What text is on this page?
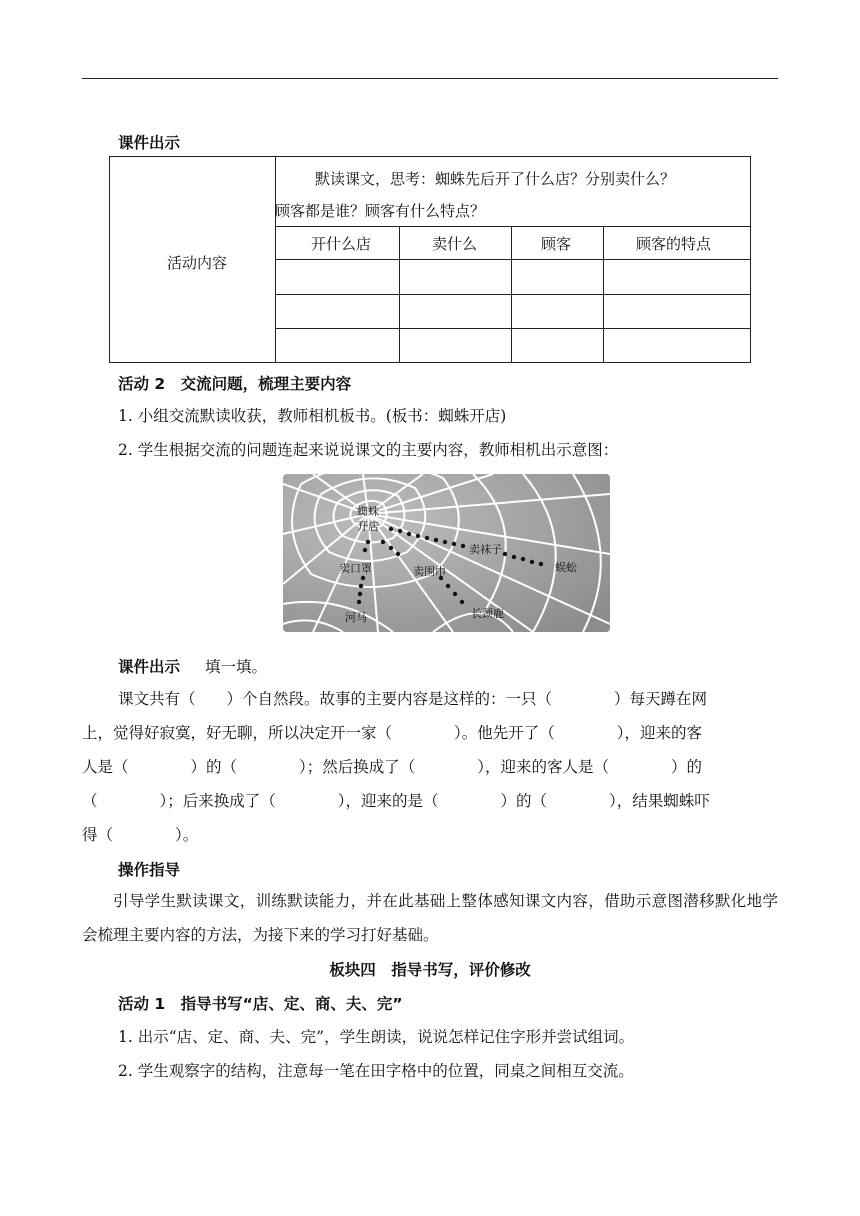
课件出示
活动内容
默读课文，思考：蜘蛛先后开了什么店？分别卖什么？
顾客都是谁？顾客有什么特点？
开什么店	卖什么	顾客	顾客的特点
活动 2　交流问题，梳理主要内容
1. 小组交流默读收获，教师相机板书。(板书：蜘蛛开店)
2. 学生根据交流的问题连起来说说课文的主要内容，教师相机出示意图：
蜘蛛
开店
卖口罩
河马
卖围巾
长颈鹿
卖袜子
蜈蚣
课件出示 填一填。
课文共有（　　）个自然段。故事的主要内容是这样的：一只（　　　　）每天蹲在网
上，觉得好寂寞，好无聊，所以决定开一家（　　　　）。他先开了（　　　　），迎来的客
人是（　　　　）的（　　　　）；然后换成了（　　　　），迎来的客人是（　　　　）的
（　　　　）；后来换成了（　　　　），迎来的是（　　　　）的（　　　　），结果蜘蛛吓
得（　　　　）。
操作指导

引导学生默读课文，训练默读能力，并在此基础上整体感知课文内容，借助示意图潜移默化地学会梳理主要内容的方法，为接下来的学习打好基础。

板块四　指导书写，评价修改
活动 1　指导书写“店、定、商、夫、完”
1. 出示“店、定、商、夫、完”，学生朗读，说说怎样记住字形并尝试组词。
2. 学生观察字的结构，注意每一笔在田字格中的位置，同桌之间相互交流。
